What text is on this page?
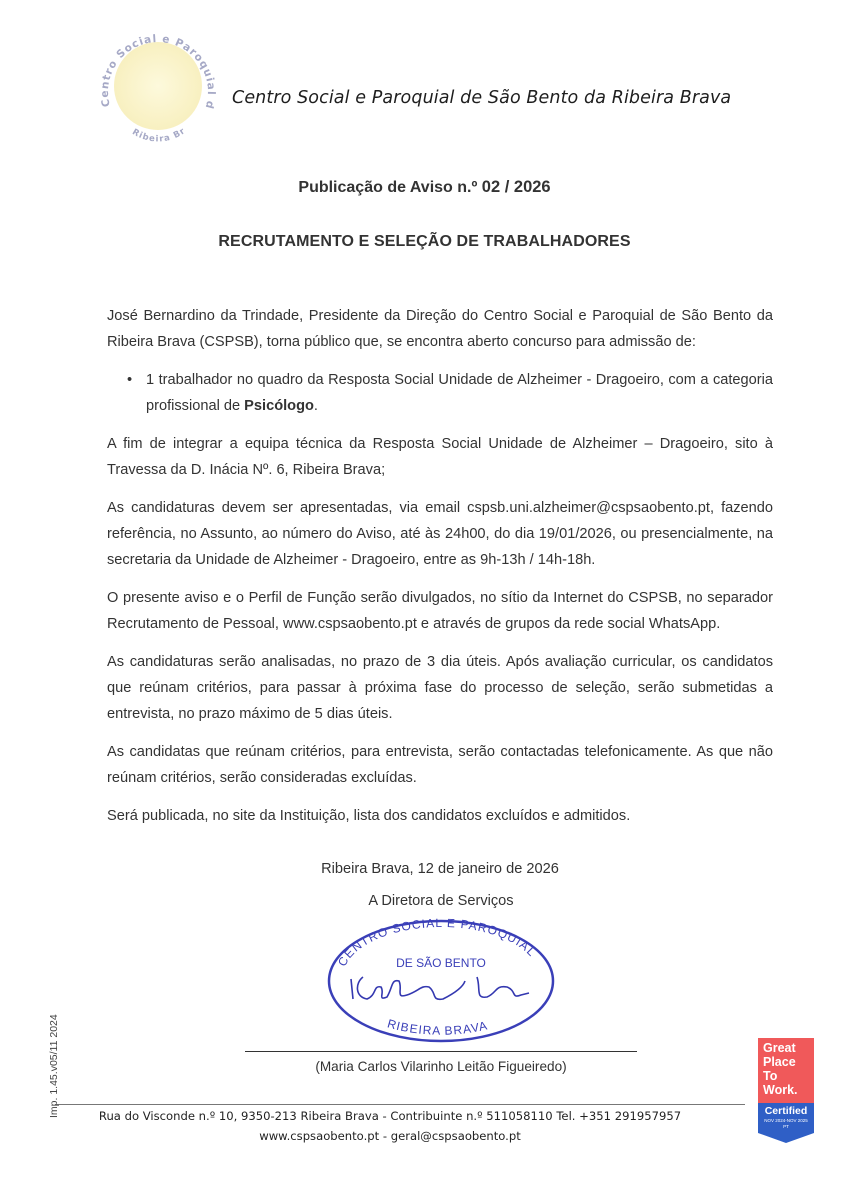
Centro Social e Paroquial d
Ribeira Br
Centro Social e Paroquial de São Bento da Ribeira Brava
Publicação de Aviso n.º 02 / 2026
RECRUTAMENTO E SELEÇÃO DE TRABALHADORES

José Bernardino da Trindade, Presidente da Direção do Centro Social e Paroquial de São Bento da Ribeira Brava (CSPSB), torna público que, se encontra aberto concurso para admissão de:

• 1 trabalhador no quadro da Resposta Social Unidade de Alzheimer - Dragoeiro, com a categoria profissional de Psicólogo.

A fim de integrar a equipa técnica da Resposta Social Unidade de Alzheimer – Dragoeiro, sito à Travessa da D. Inácia Nº. 6, Ribeira Brava;

As candidaturas devem ser apresentadas, via email cspsb.uni.alzheimer@cspsaobento.pt, fazendo referência, no Assunto, ao número do Aviso, até às 24h00, do dia 19/01/2026, ou presencialmente, na secretaria da Unidade de Alzheimer - Dragoeiro, entre as 9h-13h / 14h-18h.

O presente aviso e o Perfil de Função serão divulgados, no sítio da Internet do CSPSB, no separador Recrutamento de Pessoal, www.cspsaobento.pt e através de grupos da rede social WhatsApp.

As candidaturas serão analisadas, no prazo de 3 dia úteis. Após avaliação curricular, os candidatos que reúnam critérios, para passar à próxima fase do processo de seleção, serão submetidas a entrevista, no prazo máximo de 5 dias úteis.

As candidatas que reúnam critérios, para entrevista, serão contactadas telefonicamente. As que não reúnam critérios, serão consideradas excluídas.

Será publicada, no site da Instituição, lista dos candidatos excluídos e admitidos.

Ribeira Brava, 12 de janeiro de 2026
A Diretora de Serviços
CENTRO SOCIAL E PAROQUIAL
DE SÃO BENTO
RIBEIRA BRAVA
(Maria Carlos Vilarinho Leitão Figueiredo)
Rua do Visconde n.º 10, 9350-213 Ribeira Brava - Contribuinte n.º 511058110 Tel. +351 291957957
www.cspsaobento.pt - geral@cspsaobento.pt
Great
Place
To
Work.
Certified
NOV 2024-NOV 2025
PT
Imp. 1.45.v05/11 2024
